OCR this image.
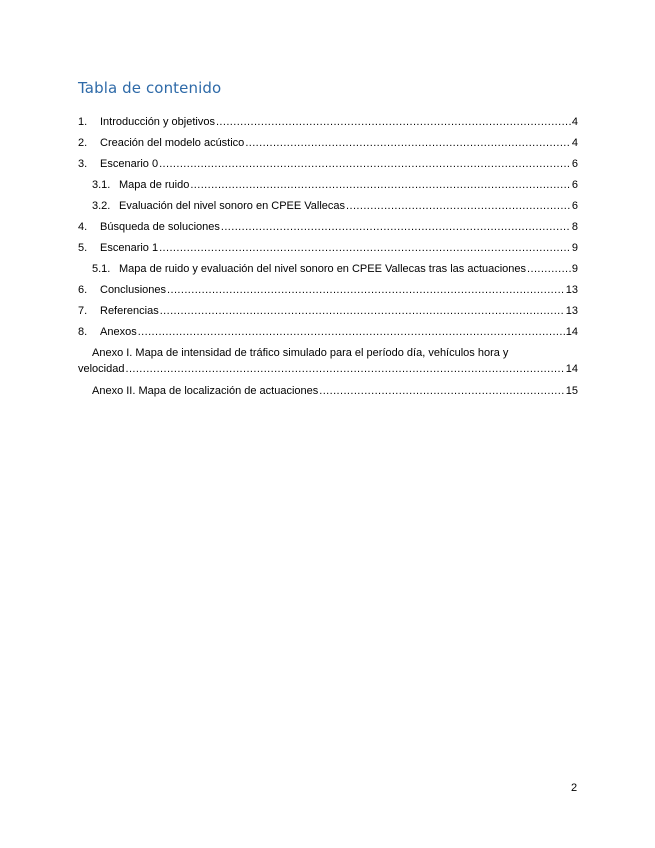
Tabla de contenido
1.	Introducción y objetivos .....	4
2.	Creación del modelo acústico .....	4
3.	Escenario 0 .....	6
3.1. Mapa de ruido .....	6
3.2. Evaluación del nivel sonoro en CPEE Vallecas .....	6
4.	Búsqueda de soluciones .....	8
5.	Escenario 1 .....	9
5.1. Mapa de ruido y evaluación del nivel sonoro en CPEE Vallecas tras las actuaciones .....	9
6.	Conclusiones .....	13
7.	Referencias .....	13
8.	Anexos .....	14
Anexo I. Mapa de intensidad de tráfico simulado para el período día, vehículos hora y
velocidad .....	14
Anexo II. Mapa de localización de actuaciones .....	15
2
